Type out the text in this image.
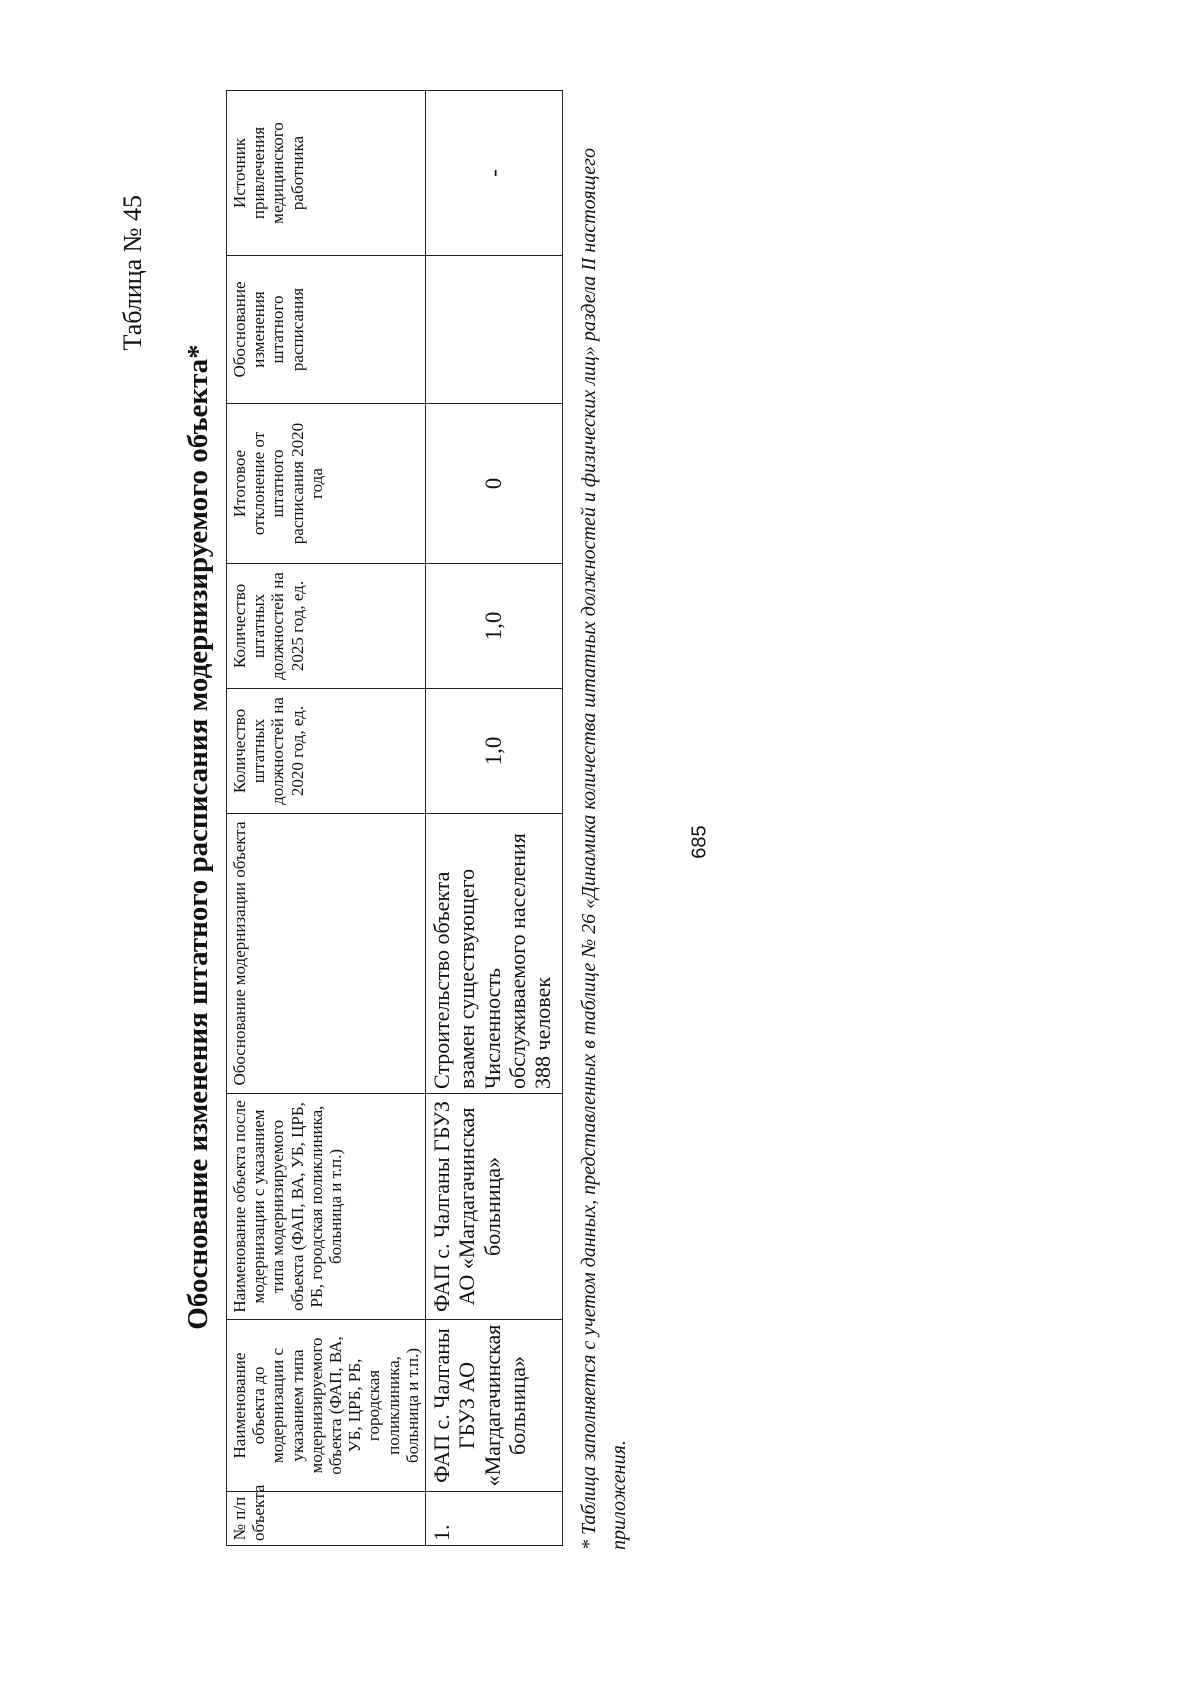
685
Таблица № 45
Обоснование изменения штатного расписания модернизируемого объекта*
№ п/п объекта	Наименование объекта до модернизации с указанием типа модернизируемого объекта (ФАП, ВА, УБ, ЦРБ, РБ, городская поликлиника, больница и т.п.)	Наименование объекта после модернизации с указанием типа модернизируемого объекта (ФАП, ВА, УБ, ЦРБ, РБ, городская поликлиника, больница и т.п.)	Обоснование модернизации объекта	Количество штатных должностей на 2020 год, ед.	Количество штатных должностей на 2025 год, ед.	Итоговое отклонение от штатного расписания 2020 года	Обоснование изменения штатного расписания	Источник привлечения медицинского работника
1.	ФАП с. Чалганы ГБУЗ АО «Магдагачинская больница»	ФАП с. Чалганы ГБУЗ АО «Магдагачинская больница»	Строительство объекта взамен существующего Численность обслуживаемого населения 388 человек	1,0	1,0	0		-	* Таблица заполняется с учетом данных, представленных в таблице № 26 «Динамика количества штатных должностей и физических лиц» раздела II настоящего приложения.
